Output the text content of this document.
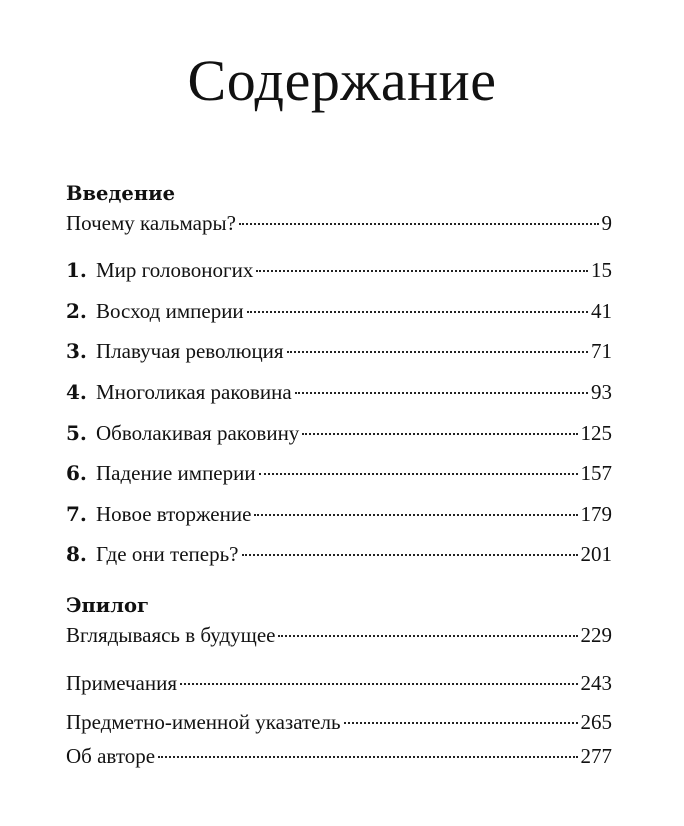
Содержание
Введение
Почему кальмары?	9
1. Мир головоногих	15
2. Восход империи	41
3. Плавучая революция	71
4. Многоликая раковина	93
5. Обволакивая раковину	125
6. Падение империи	157
7. Новое вторжение	179
8. Где они теперь?	201
Эпилог
Вглядываясь в будущее	229
Примечания	243
Предметно-именной указатель	265
Об авторе	277
